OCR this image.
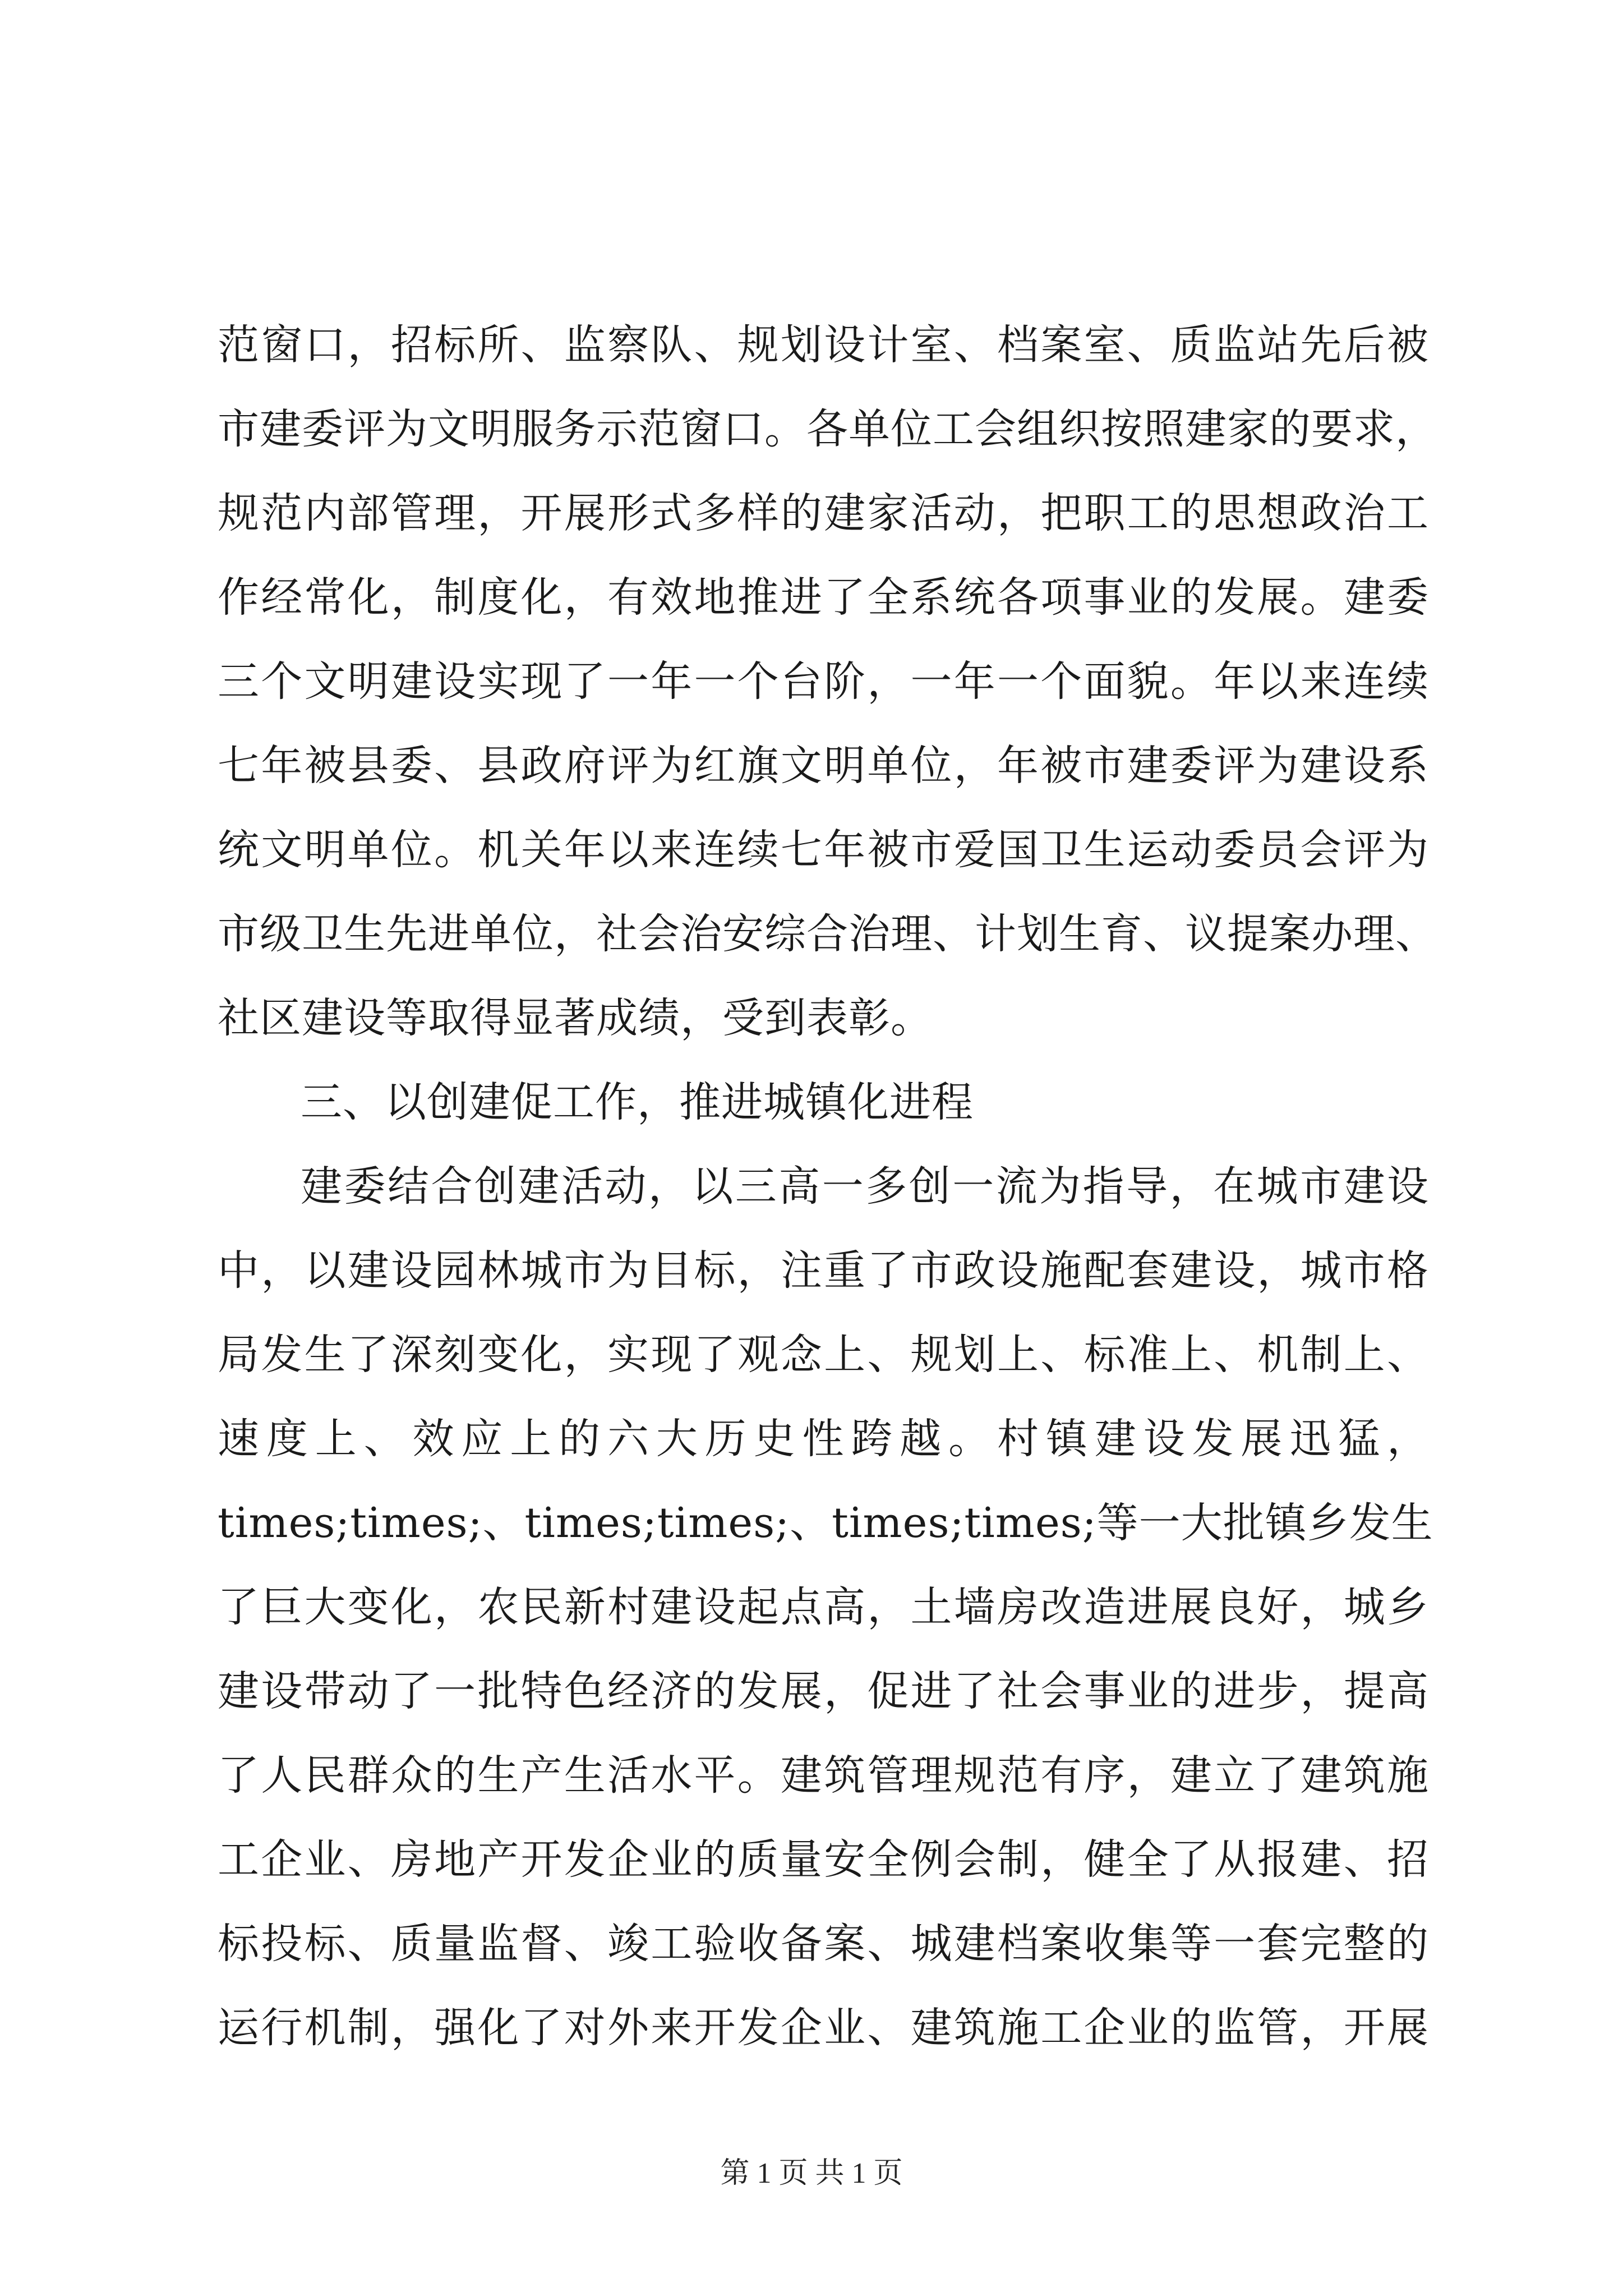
范窗口，招标所、监察队、规划设计室、档案室、质监站先后被
市建委评为文明服务示范窗口。各单位工会组织按照建家的要求，
规范内部管理，开展形式多样的建家活动，把职工的思想政治工
作经常化，制度化，有效地推进了全系统各项事业的发展。建委
三个文明建设实现了一年一个台阶，一年一个面貌。年以来连续
七年被县委、县政府评为红旗文明单位，年被市建委评为建设系
统文明单位。机关年以来连续七年被市爱国卫生运动委员会评为
市级卫生先进单位，社会治安综合治理、计划生育、议提案办理、
社区建设等取得显著成绩，受到表彰。
三、以创建促工作，推进城镇化进程
建委结合创建活动，以三高一多创一流为指导，在城市建设
中，以建设园林城市为目标，注重了市政设施配套建设，城市格
局发生了深刻变化，实现了观念上、规划上、标准上、机制上、
速度上、效应上的六大历史性跨越。村镇建设发展迅猛，
times;times;、times;times;、times;times;等一大批镇乡发生
了巨大变化，农民新村建设起点高，土墙房改造进展良好，城乡
建设带动了一批特色经济的发展，促进了社会事业的进步，提高
了人民群众的生产生活水平。建筑管理规范有序，建立了建筑施
工企业、房地产开发企业的质量安全例会制，健全了从报建、招
标投标、质量监督、竣工验收备案、城建档案收集等一套完整的
运行机制，强化了对外来开发企业、建筑施工企业的监管，开展
第 1 页 共 1 页
